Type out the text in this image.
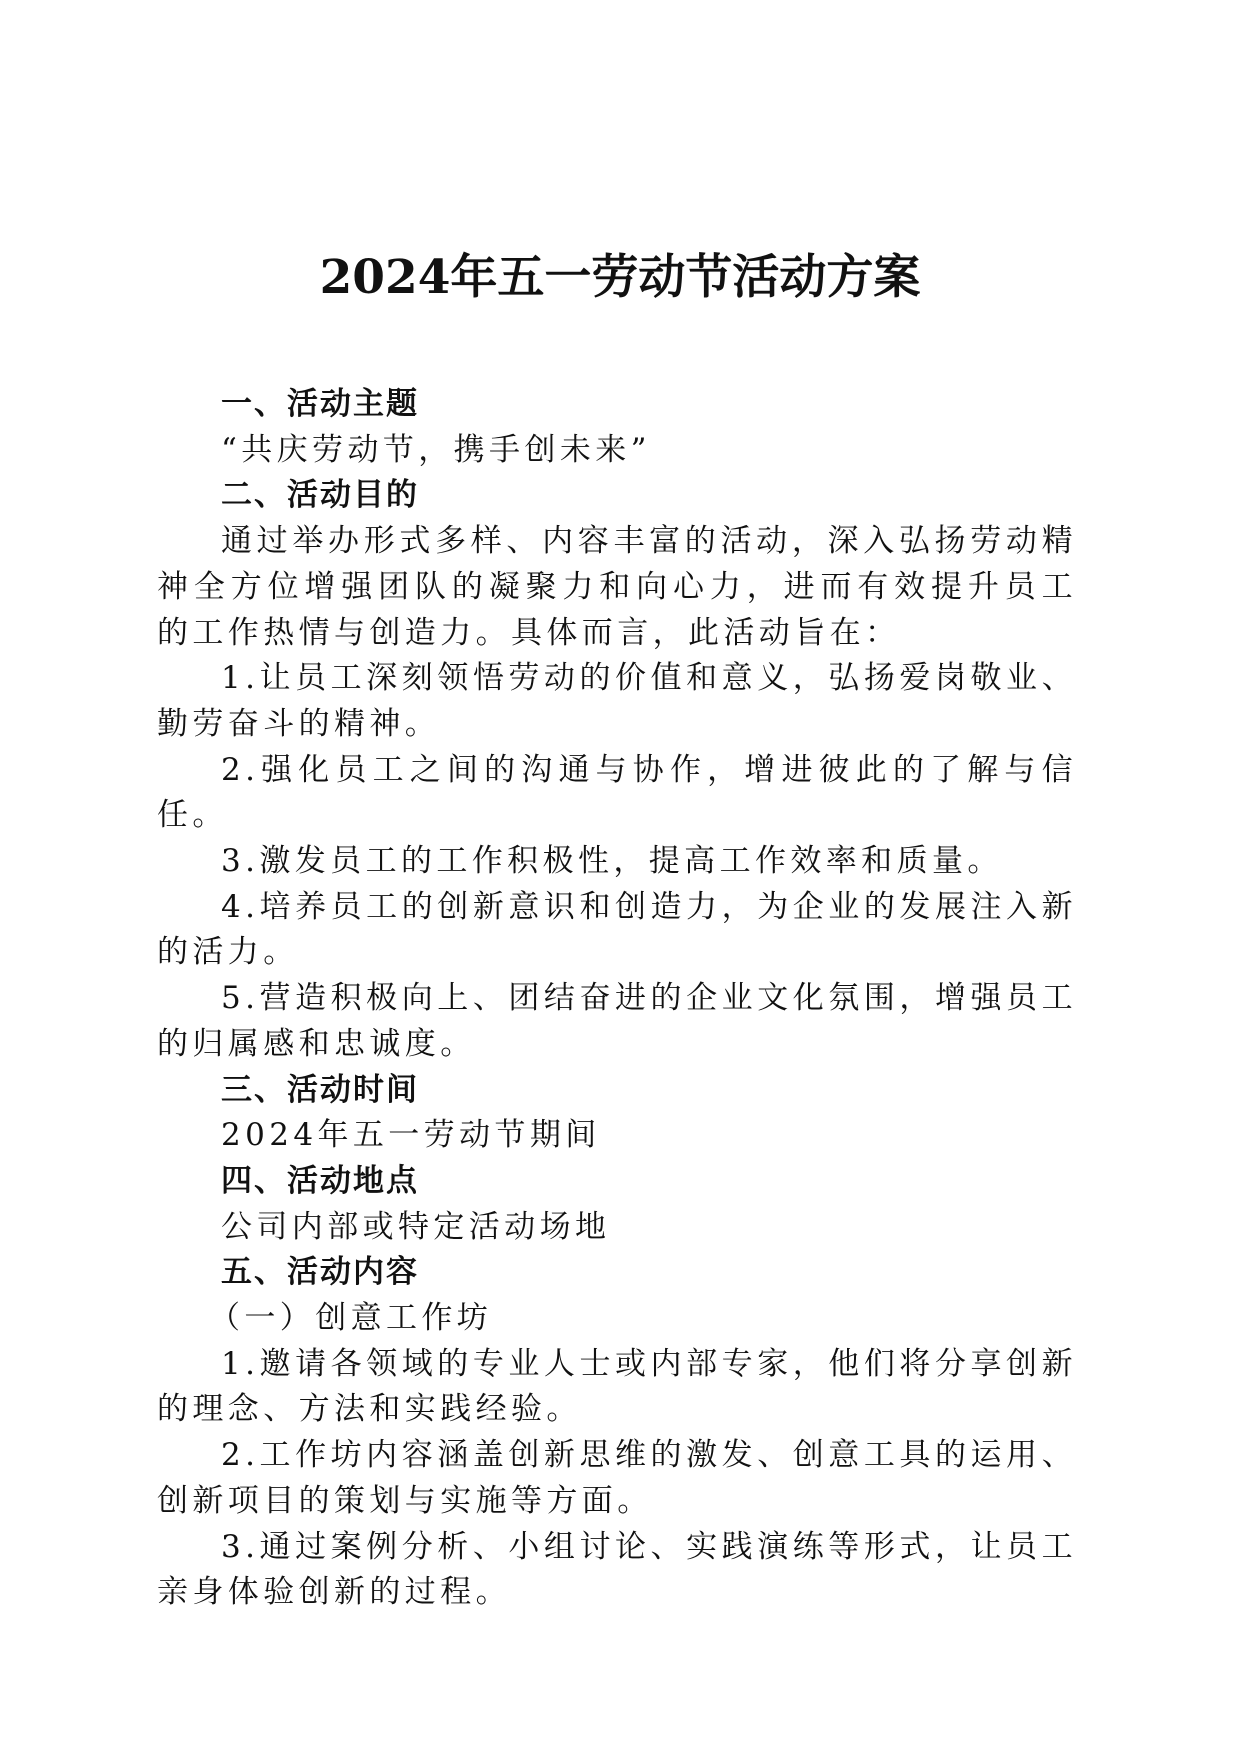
2024年五一劳动节活动方案

一、活动主题

“共庆劳动节，携手创未来”

二、活动目的

通过举办形式多样、内容丰富的活动，深入弘扬劳动精神全方位增强团队的凝聚力和向心力，进而有效提升员工的工作热情与创造力。具体而言，此活动旨在：

1.让员工深刻领悟劳动的价值和意义，弘扬爱岗敬业、勤劳奋斗的精神。

2.强化员工之间的沟通与协作，增进彼此的了解与信任。

3.激发员工的工作积极性，提高工作效率和质量。

4.培养员工的创新意识和创造力，为企业的发展注入新的活力。

5.营造积极向上、团结奋进的企业文化氛围，增强员工的归属感和忠诚度。

三、活动时间

2024年五一劳动节期间

四、活动地点

公司内部或特定活动场地

五、活动内容

（一）创意工作坊

1.邀请各领域的专业人士或内部专家，他们将分享创新的理念、方法和实践经验。

2.工作坊内容涵盖创新思维的激发、创意工具的运用、创新项目的策划与实施等方面。

3.通过案例分析、小组讨论、实践演练等形式，让员工亲身体验创新的过程。
